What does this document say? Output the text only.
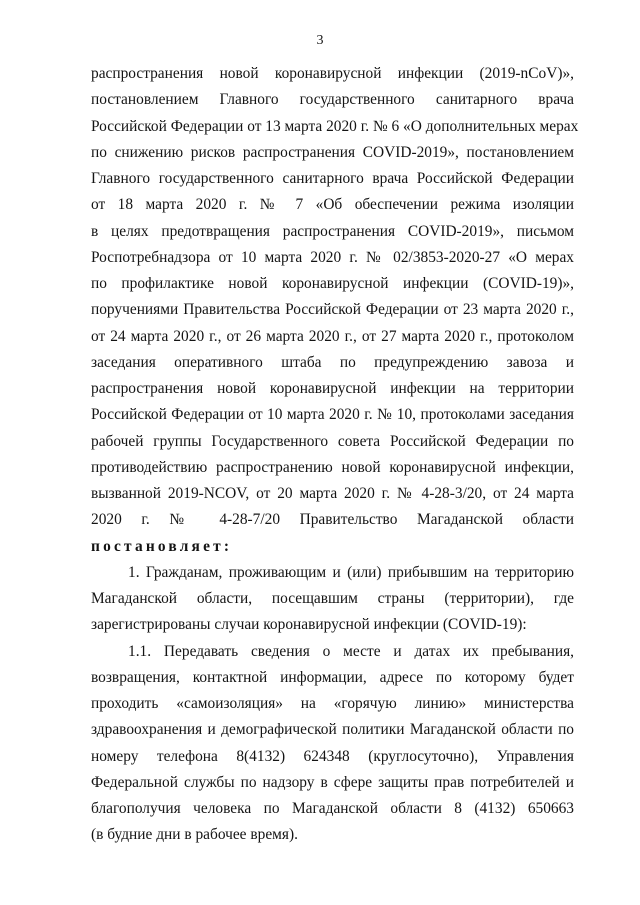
3
распространения новой коронавирусной инфекции (2019-nCoV)»,
постановлением Главного государственного санитарного врача
Российской Федерации от 13 марта 2020 г. № 6 «О дополнительных мерах
по снижению рисков распространения COVID-2019», постановлением
Главного государственного санитарного врача Российской Федерации
от 18 марта 2020 г. № 7 «Об обеспечении режима изоляции
в целях предотвращения распространения COVID-2019», письмом
Роспотребнадзора от 10 марта 2020 г. № 02/3853-2020-27 «О мерах
по профилактике новой коронавирусной инфекции (COVID-19)»,
поручениями Правительства Российской Федерации от 23 марта 2020 г.,
от 24 марта 2020 г., от 26 марта 2020 г., от 27 марта 2020 г., протоколом
заседания оперативного штаба по предупреждению завоза и
распространения новой коронавирусной инфекции на территории
Российской Федерации от 10 марта 2020 г. № 10, протоколами заседания
рабочей группы Государственного совета Российской Федерации по
противодействию распространению новой коронавирусной инфекции,
вызванной 2019-NCOV, от 20 марта 2020 г. № 4-28-3/20, от 24 марта
2020 г. № 4-28-7/20 Правительство Магаданской области
постановляет:
1. Гражданам, проживающим и (или) прибывшим на территорию
Магаданской области, посещавшим страны (территории), где
зарегистрированы случаи коронавирусной инфекции (COVID-19):
1.1. Передавать сведения о месте и датах их пребывания,
возвращения, контактной информации, адресе по которому будет
проходить «самоизоляция» на «горячую линию» министерства
здравоохранения и демографической политики Магаданской области по
номеру телефона 8(4132) 624348 (круглосуточно), Управления
Федеральной службы по надзору в сфере защиты прав потребителей и
благополучия человека по Магаданской области 8 (4132) 650663
(в будние дни в рабочее время).
